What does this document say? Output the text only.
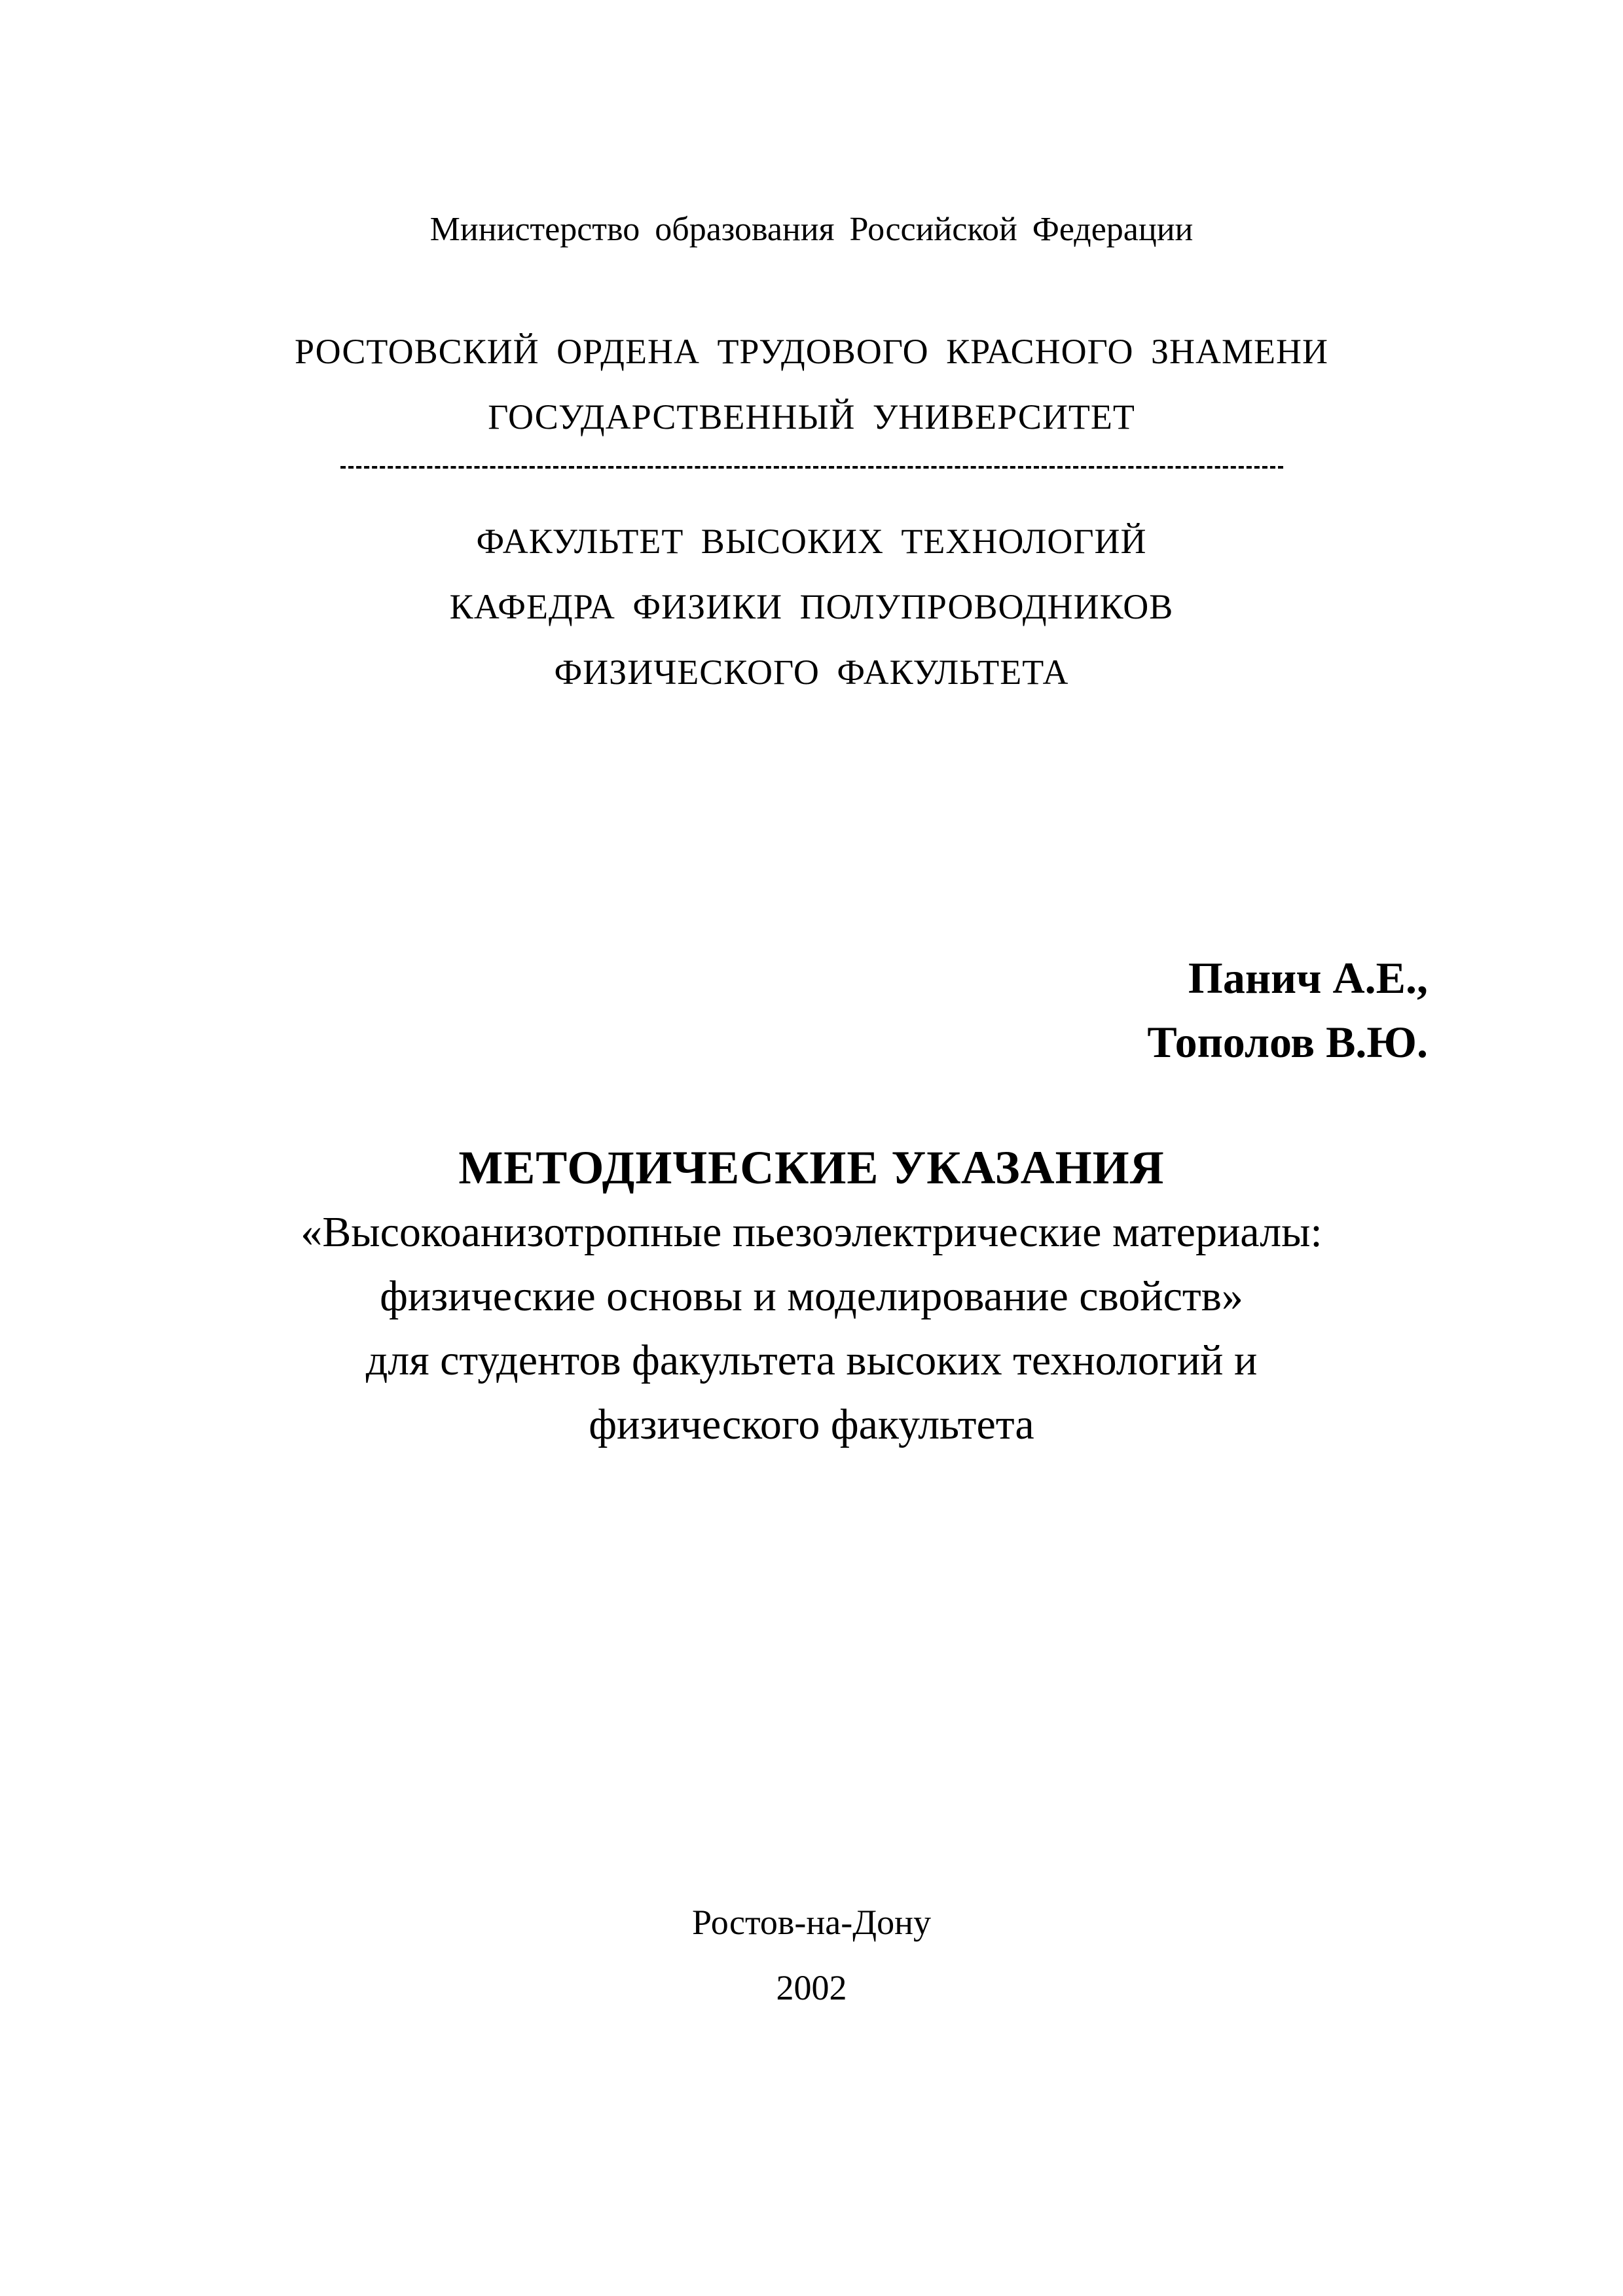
Министерство образования Российской Федерации
РОСТОВСКИЙ ОРДЕНА ТРУДОВОГО КРАСНОГО ЗНАМЕНИ
ГОСУДАРСТВЕННЫЙ УНИВЕРСИТЕТ
ФАКУЛЬТЕТ ВЫСОКИХ ТЕХНОЛОГИЙ
КАФЕДРА ФИЗИКИ ПОЛУПРОВОДНИКОВ
ФИЗИЧЕСКОГО ФАКУЛЬТЕТА
Панич А.Е.,
Тополов В.Ю.
МЕТОДИЧЕСКИЕ УКАЗАНИЯ
«Высокоанизотропные пьезоэлектрические материалы:
физические основы и моделирование свойств»
для студентов факультета высоких технологий и
физического факультета
Ростов-на-Дону
2002
